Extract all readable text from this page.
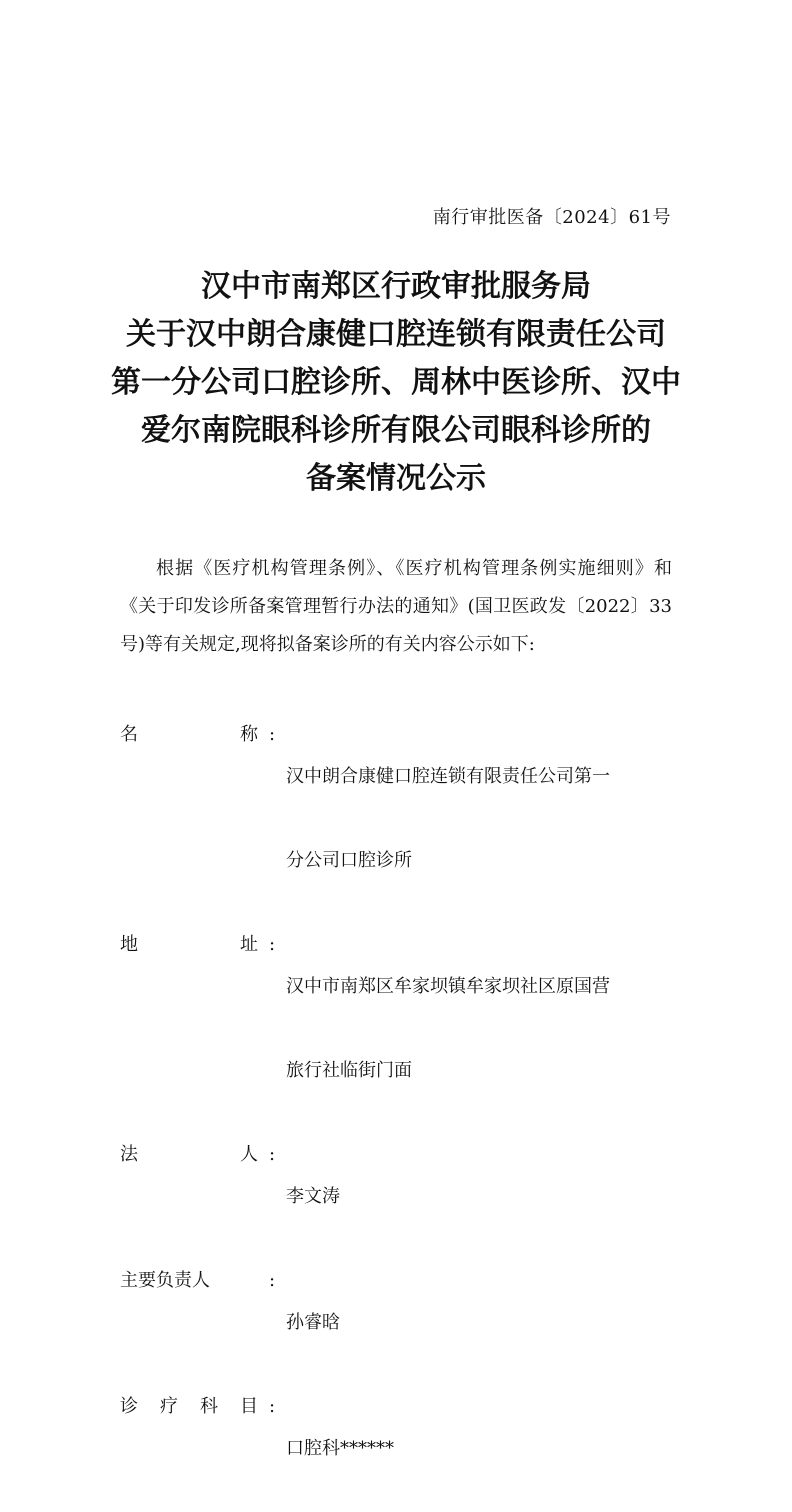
南行审批医备〔2024〕61号
汉中市南郑区行政审批服务局
关于汉中朗合康健口腔连锁有限责任公司
第一分公司口腔诊所、周林中医诊所、汉中
爱尔南院眼科诊所有限公司眼科诊所的
备案情况公示

根据《医疗机构管理条例》、《医疗机构管理条例实施细则》和《关于印发诊所备案管理暂行办法的通知》(国卫医政发〔2022〕33号)等有关规定,现将拟备案诊所的有关内容公示如下:

名	称 :

汉中朗合康健口腔连锁有限责任公司第一

分公司口腔诊所

地	址 :

汉中市南郑区牟家坝镇牟家坝社区原国营

旅行社临街门面

法	人 :

李文涛

主要负责人	:

孙睿晗

诊 疗 科 目 :

口腔科******
